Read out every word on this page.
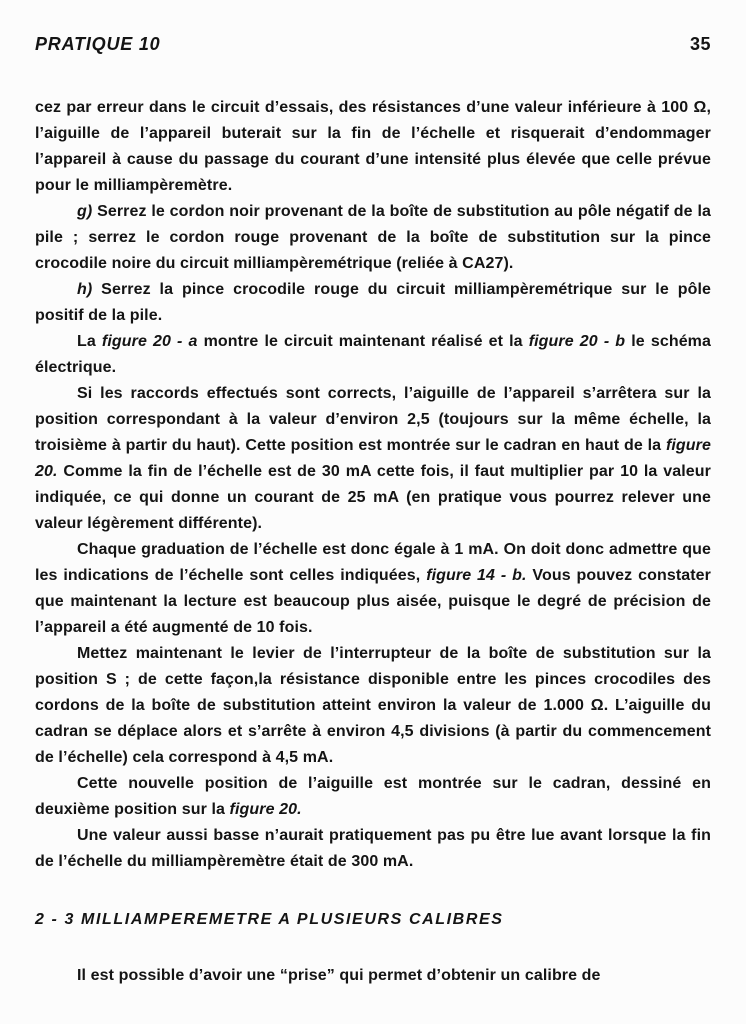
PRATIQUE 10	35

cez par erreur dans le circuit d’essais, des résistances d’une valeur inférieure à 100 Ω, l’aiguille de l’appareil buterait sur la fin de l’échelle et risquerait d’endommager l’appareil à cause du passage du courant d’une intensité plus élevée que celle prévue pour le milliampèremètre.

g) Serrez le cordon noir provenant de la boîte de substitution au pôle négatif de la pile ; serrez le cordon rouge provenant de la boîte de substitution sur la pince crocodile noire du circuit milliampèremétrique (reliée à CA27).

h) Serrez la pince crocodile rouge du circuit milliampèremétrique sur le pôle positif de la pile.

La figure 20 - a montre le circuit maintenant réalisé et la figure 20 - b le schéma électrique.

Si les raccords effectués sont corrects, l’aiguille de l’appareil s’arrêtera sur la position correspondant à la valeur d’environ 2,5 (toujours sur la même échelle, la troisième à partir du haut). Cette position est montrée sur le cadran en haut de la figure 20. Comme la fin de l’échelle est de 30 mA cette fois, il faut multiplier par 10 la valeur indiquée, ce qui donne un courant de 25 mA (en pratique vous pourrez relever une valeur légèrement différente).

Chaque graduation de l’échelle est donc égale à 1 mA. On doit donc admettre que les indications de l’échelle sont celles indiquées, figure 14 - b. Vous pouvez constater que maintenant la lecture est beaucoup plus aisée, puisque le degré de précision de l’appareil a été augmenté de 10 fois.

Mettez maintenant le levier de l’interrupteur de la boîte de substitution sur la position S ; de cette façon,la résistance disponible entre les pinces crocodiles des cordons de la boîte de substitution atteint environ la valeur de 1.000 Ω. L’aiguille du cadran se déplace alors et s’arrête à environ 4,5 divisions (à partir du commencement de l’échelle) cela correspond à 4,5 mA.

Cette nouvelle position de l’aiguille est montrée sur le cadran, dessiné en deuxième position sur la figure 20.

Une valeur aussi basse n’aurait pratiquement pas pu être lue avant lorsque la fin de l’échelle du milliampèremètre était de 300 mA.

2 - 3 MILLIAMPEREMETRE A PLUSIEURS CALIBRES

Il est possible d’avoir une “prise” qui permet d’obtenir un calibre de
